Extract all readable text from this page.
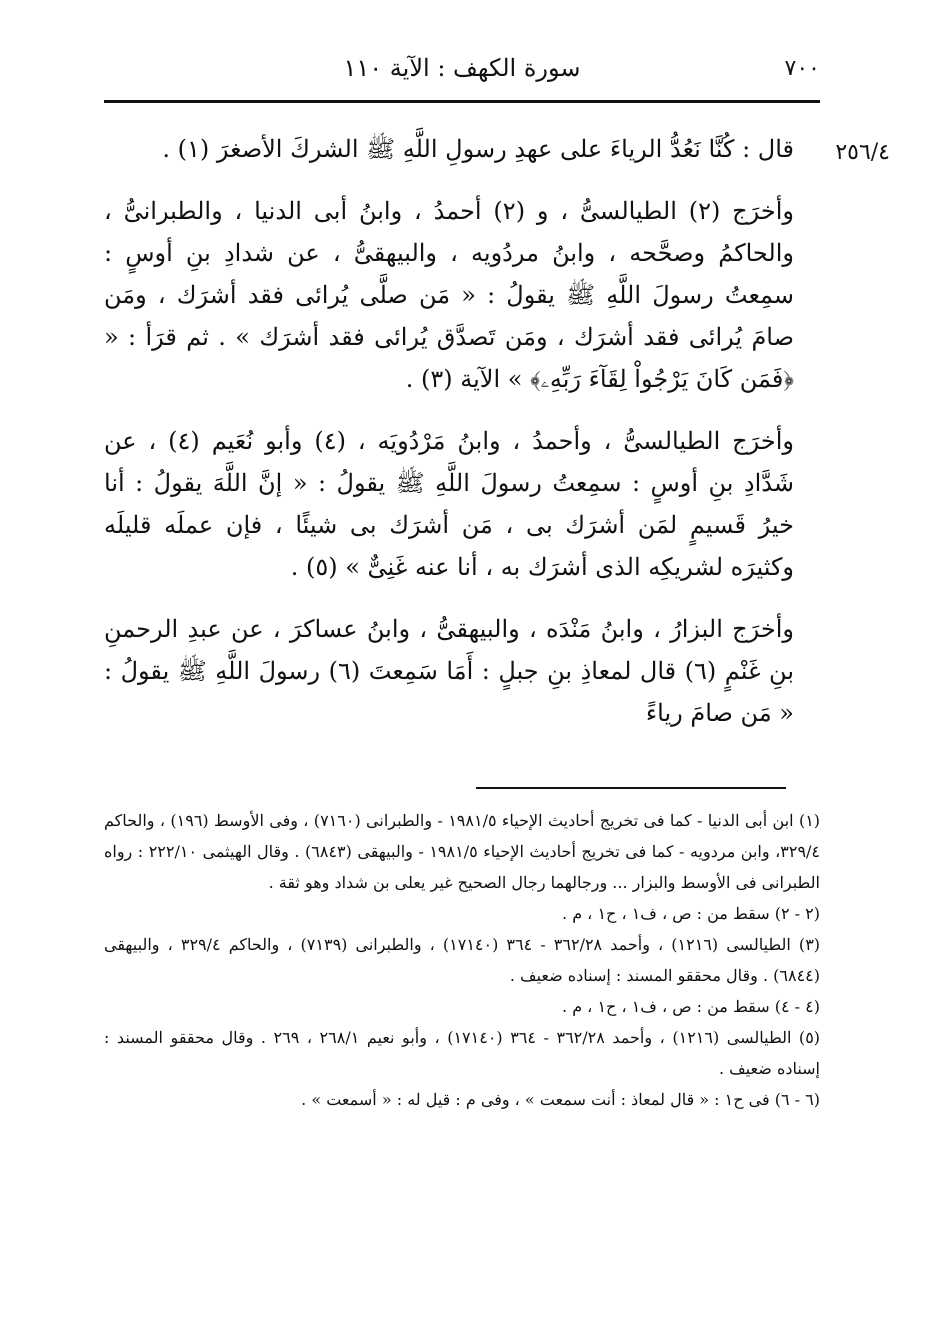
٧٠٠
سورة الكهف : الآية ١١٠
٢٥٦/٤

قال : كُنَّا نَعُدُّ الرياءَ على عهدِ رسولِ اللَّهِ ﷺ الشركَ الأصغرَ (١) .

وأخرَج (٢) الطيالسىُّ ، و (٢) أحمدُ ، وابنُ أبى الدنيا ، والطبرانىُّ ، والحاكمُ وصحَّحه ، وابنُ مردُويه ، والبيهقىُّ ، عن شدادِ بنِ أوسٍ : سمِعتُ رسولَ اللَّهِ ﷺ يقولُ : « مَن صلَّى يُرائى فقد أشرَك ، ومَن صامَ يُرائى فقد أشرَك ، ومَن تَصدَّق يُرائى فقد أشرَك » . ثم قرَأ : « ﴿فَمَن كَانَ يَرْجُواْ لِقَآءَ رَبِّهِۦ﴾ » الآية (٣) .

وأخرَج الطيالسىُّ ، وأحمدُ ، وابنُ مَرْدُويَه ، (٤) وأبو نُعَيم (٤) ، عن شَدَّادِ بنِ أوسٍ : سمِعتُ رسولَ اللَّهِ ﷺ يقولُ : « إنَّ اللَّهَ يقولُ : أنا خيرُ قَسيمٍ لمَن أشرَك بى ، مَن أشرَك بى شيئًا ، فإن عملَه قليلَه وكثيرَه لشريكِه الذى أشرَك به ، أنا عنه غَنِىٌّ » (٥) .

وأخرَج البزارُ ، وابنُ مَنْدَه ، والبيهقىُّ ، وابنُ عساكرَ ، عن عبدِ الرحمنِ بنِ غَنْمٍ (٦) قال لمعاذِ بنِ جبلٍ : أَمَا سَمِعتَ (٦) رسولَ اللَّهِ ﷺ يقولُ : « مَن صامَ رياءً

(١) ابن أبى الدنيا - كما فى تخريج أحاديث الإحياء ١٩٨١/٥ - والطبرانى (٧١٦٠) ، وفى الأوسط (١٩٦) ، والحاكم ٣٢٩/٤، وابن مردويه - كما فى تخريج أحاديث الإحياء ١٩٨١/٥ - والبيهقى (٦٨٤٣) . وقال الهيثمى ٢٢٢/١٠ : رواه الطبرانى فى الأوسط والبزار ... ورجالهما رجال الصحيح غير يعلى بن شداد وهو ثقة .

(٢ - ٢) سقط من : ص ، ف١ ، ح١ ، م .

(٣) الطيالسى (١٢١٦) ، وأحمد ٣٦٢/٢٨ - ٣٦٤ (١٧١٤٠) ، والطبرانى (٧١٣٩) ، والحاكم ٣٢٩/٤ ، والبيهقى (٦٨٤٤) . وقال محققو المسند : إسناده ضعيف .

(٤ - ٤) سقط من : ص ، ف١ ، ح١ ، م .

(٥) الطيالسى (١٢١٦) ، وأحمد ٣٦٢/٢٨ - ٣٦٤ (١٧١٤٠) ، وأبو نعيم ٢٦٨/١ ، ٢٦٩ . وقال محققو المسند : إسناده ضعيف .

(٦ - ٦) فى ح١ : « قال لمعاذ : أنت سمعت » ، وفى م : قيل له : « أسمعت » .
